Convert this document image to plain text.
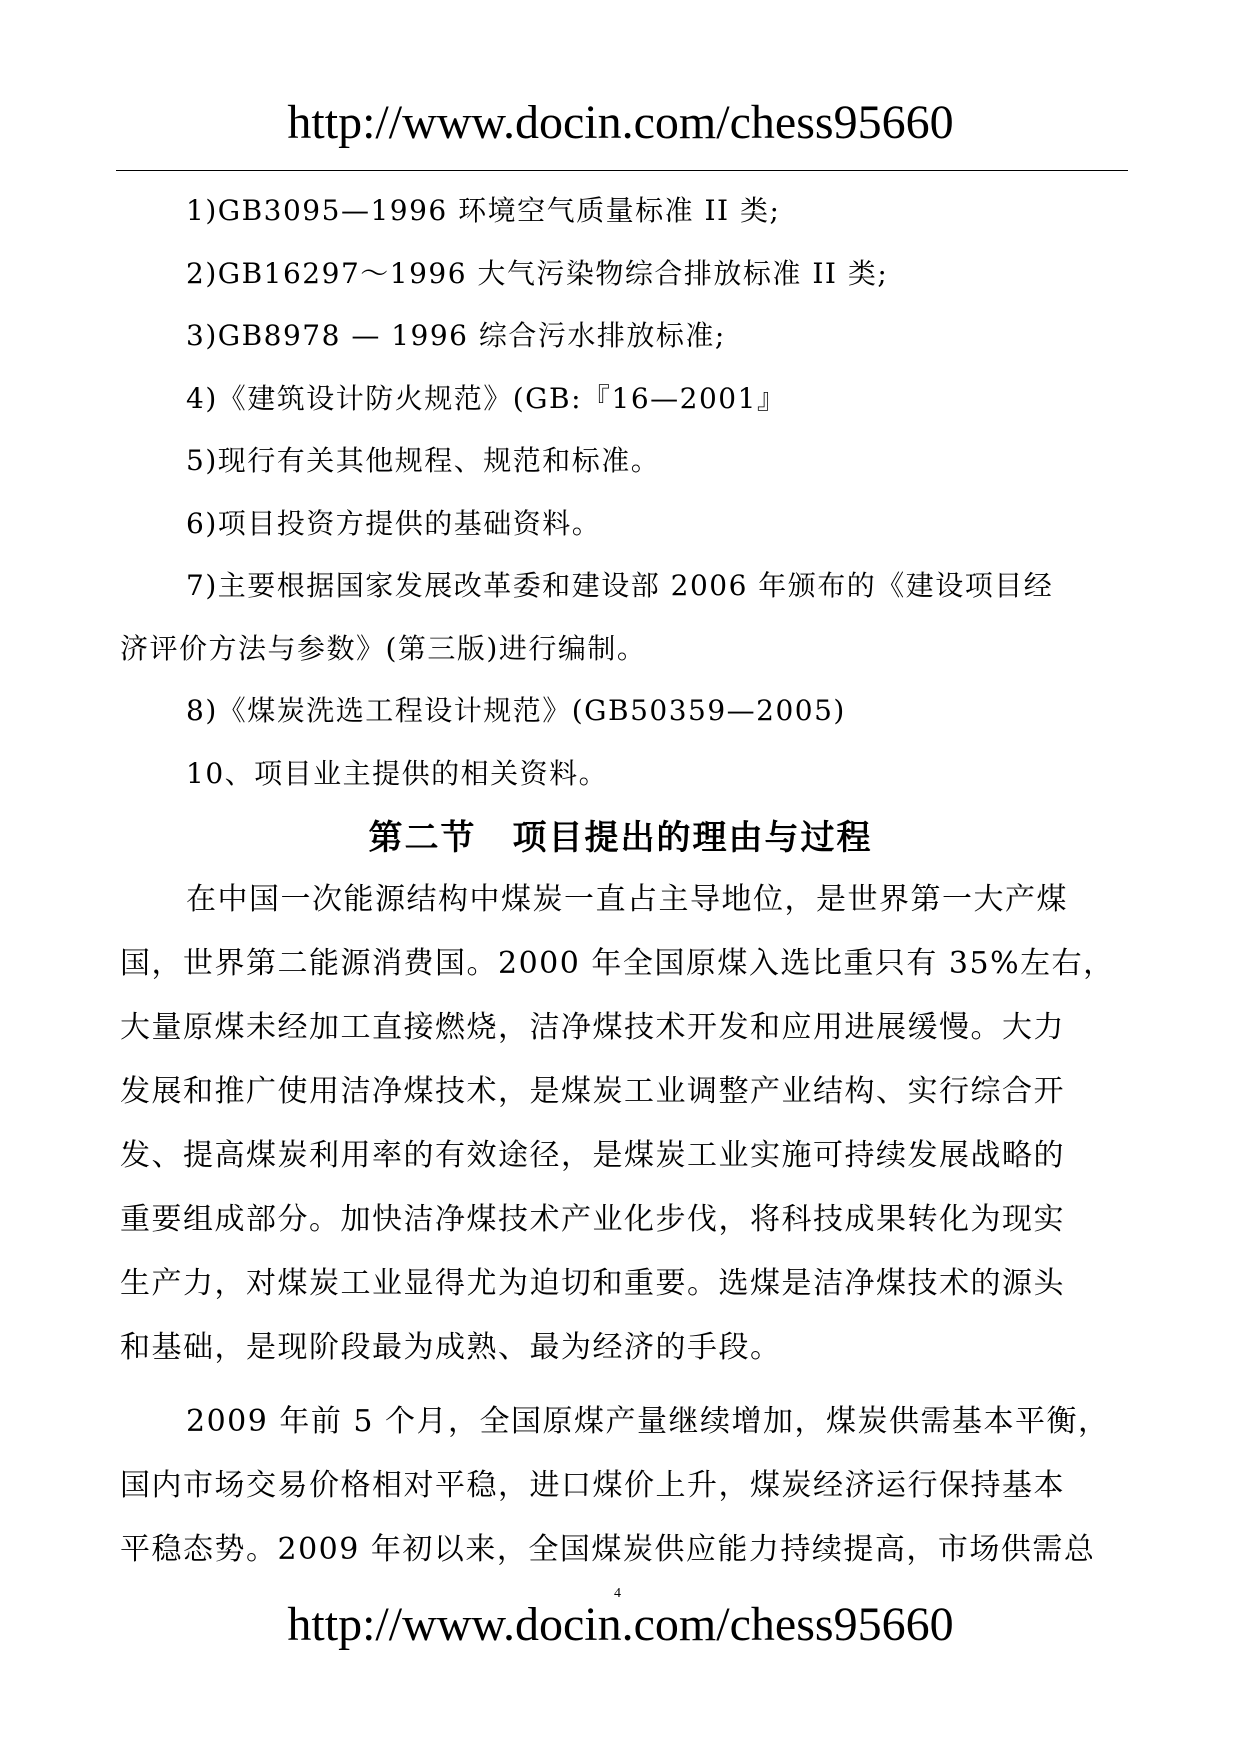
http://www.docin.com/chess95660
1)GB3095—1996 环境空气质量标准 II 类;
2)GB16297～1996 大气污染物综合排放标准 II 类;
3)GB8978 — 1996 综合污水排放标准;
4)《建筑设计防火规范》(GB:『16—2001』
5)现行有关其他规程、规范和标准。
6)项目投资方提供的基础资料。
7)主要根据国家发展改革委和建设部 2006 年颁布的《建设项目经
济评价方法与参数》(第三版)进行编制。
8)《煤炭洗选工程设计规范》(GB50359—2005)
10、项目业主提供的相关资料。
第二节 项目提出的理由与过程
在中国一次能源结构中煤炭一直占主导地位，是世界第一大产煤
国，世界第二能源消费国。2000 年全国原煤入选比重只有 35%左右，
大量原煤未经加工直接燃烧，洁净煤技术开发和应用进展缓慢。大力
发展和推广使用洁净煤技术，是煤炭工业调整产业结构、实行综合开
发、提高煤炭利用率的有效途径，是煤炭工业实施可持续发展战略的
重要组成部分。加快洁净煤技术产业化步伐，将科技成果转化为现实
生产力，对煤炭工业显得尤为迫切和重要。选煤是洁净煤技术的源头
和基础，是现阶段最为成熟、最为经济的手段。
2009 年前 5 个月，全国原煤产量继续增加，煤炭供需基本平衡，
国内市场交易价格相对平稳，进口煤价上升，煤炭经济运行保持基本
平稳态势。2009 年初以来，全国煤炭供应能力持续提高，市场供需总
http://www.docin.com/chess95660
4
